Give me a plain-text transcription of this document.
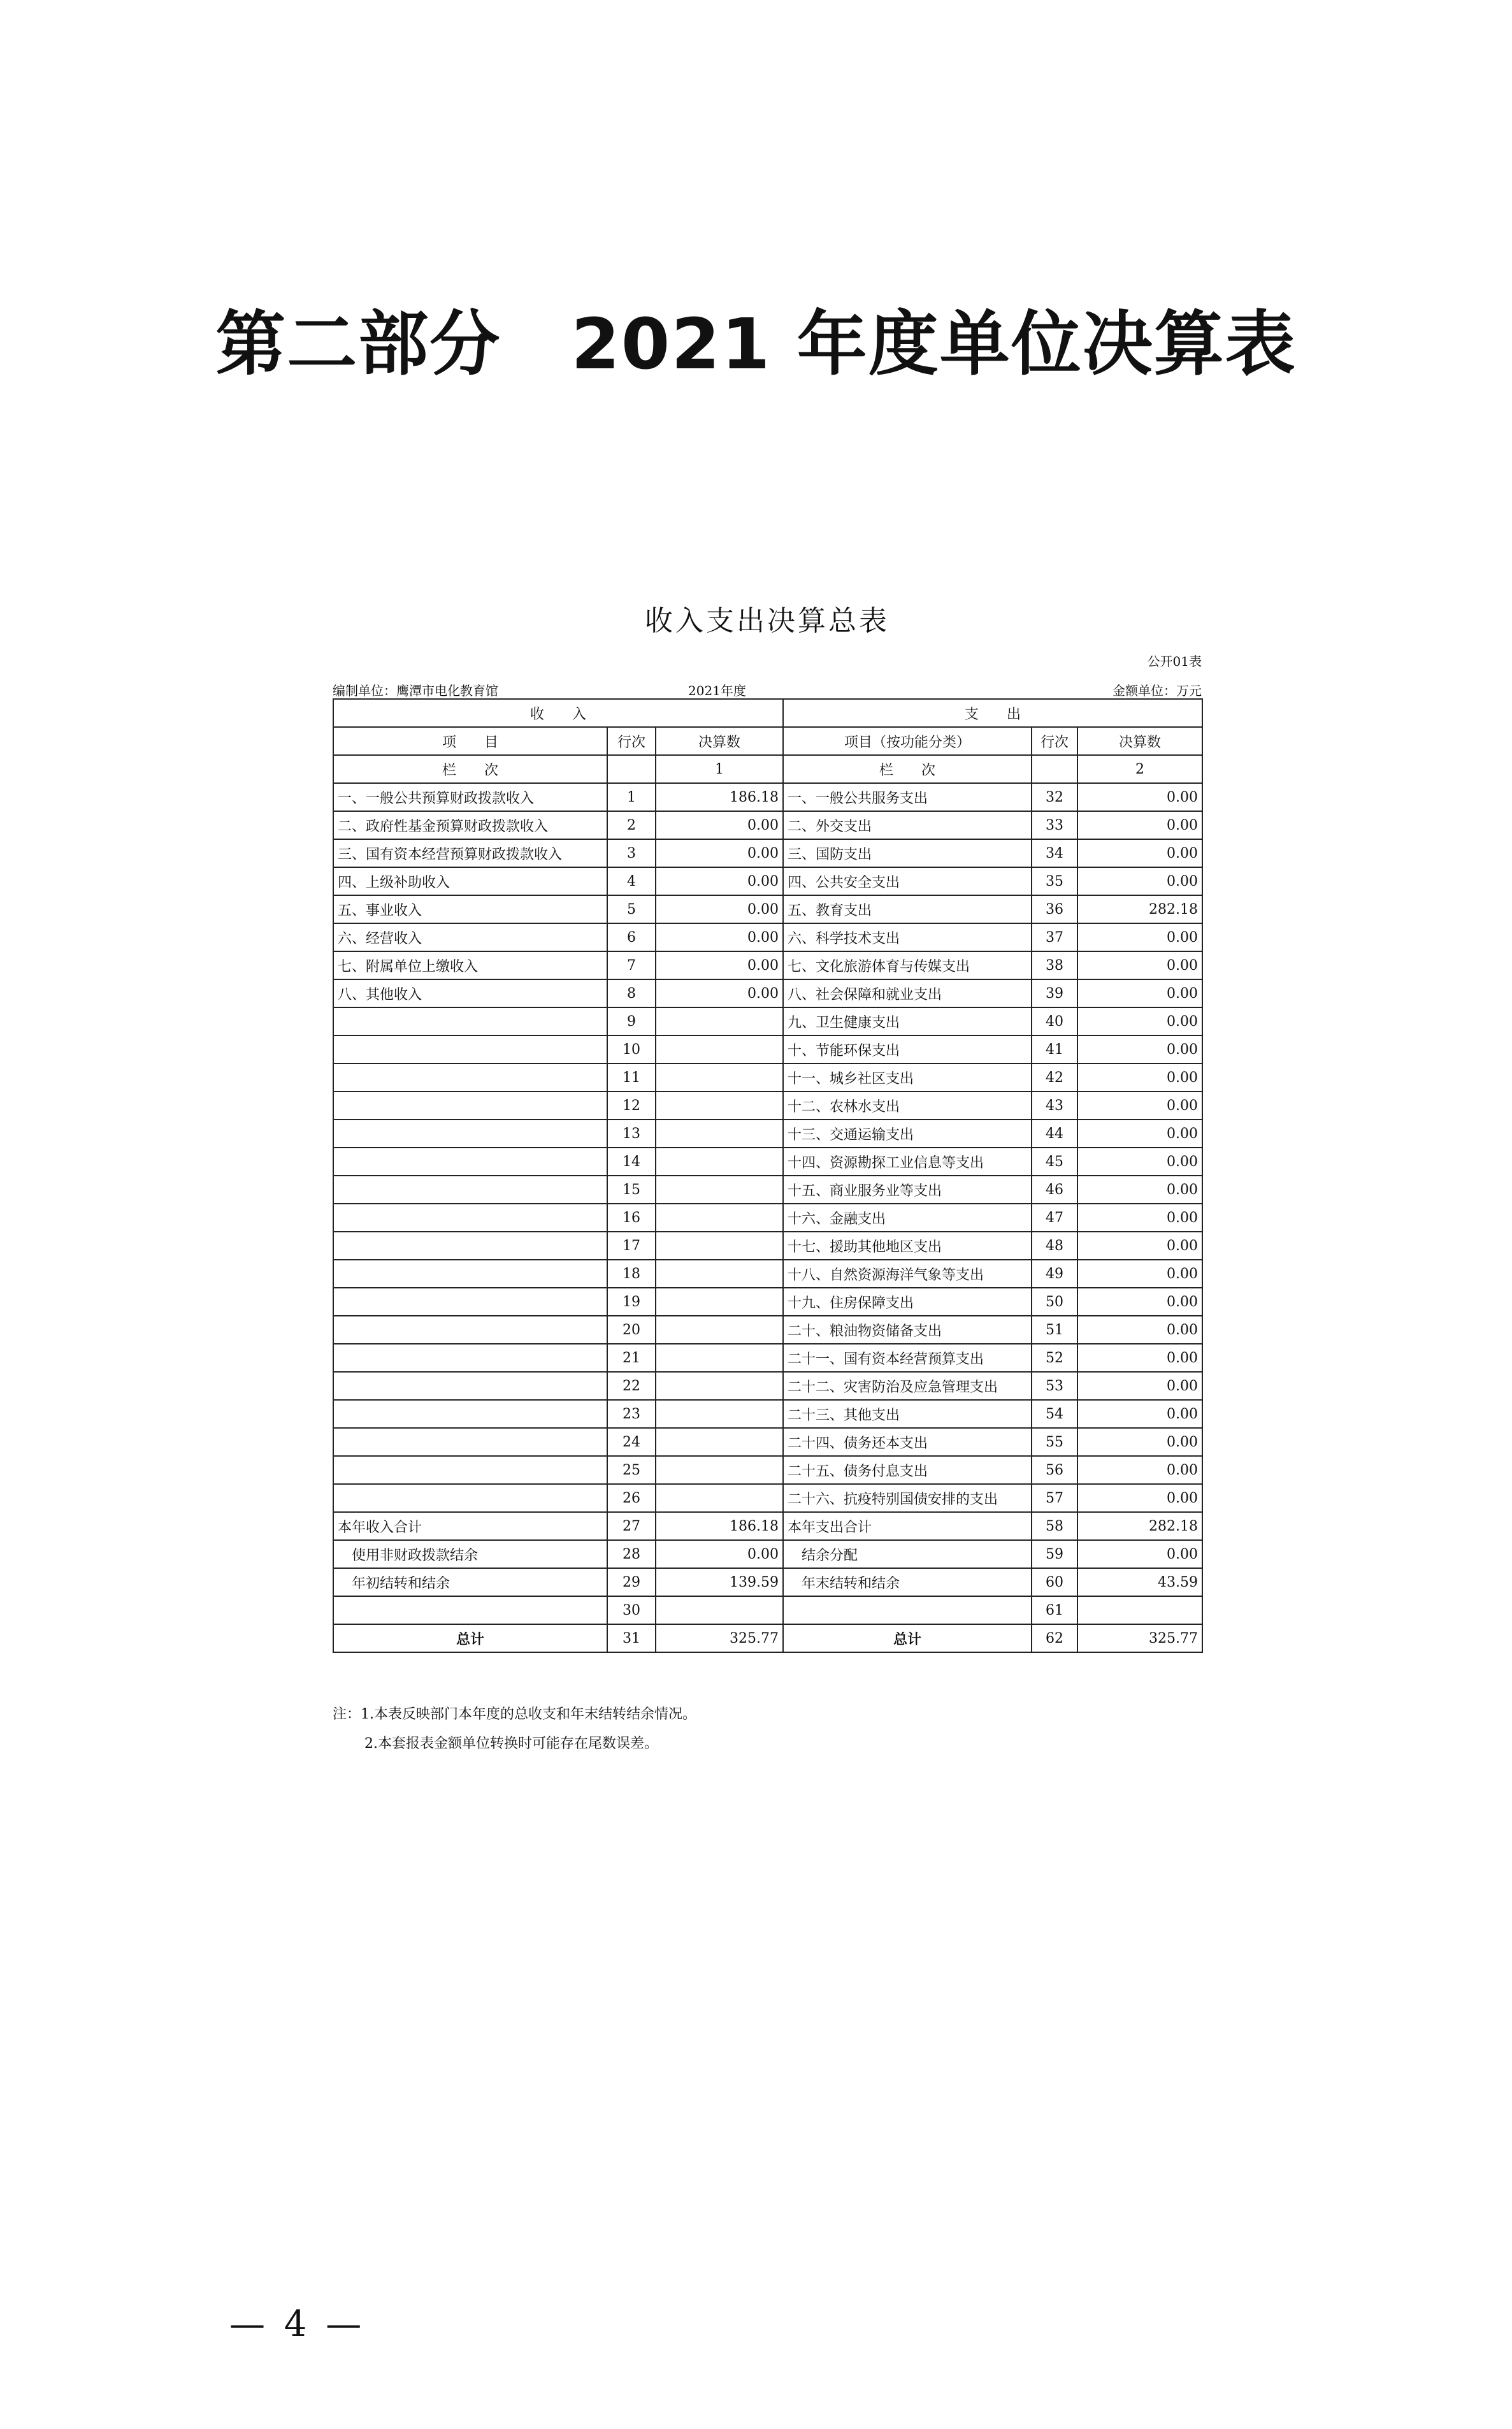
第二部分 2021 年度单位决算表
收入支出决算总表
公开01表
编制单位：鹰潭市电化教育馆	2021年度	金额单位：万元
收　　入			支　　出		
项　　目	行次	决算数	项目（按功能分类）	行次	决算数
栏　　次		1	栏　　次		2
一、一般公共预算财政拨款收入	1	186.18	一、一般公共服务支出	32	0.00
二、政府性基金预算财政拨款收入	2	0.00	二、外交支出	33	0.00
三、国有资本经营预算财政拨款收入	3	0.00	三、国防支出	34	0.00
四、上级补助收入	4	0.00	四、公共安全支出	35	0.00
五、事业收入	5	0.00	五、教育支出	36	282.18
六、经营收入	6	0.00	六、科学技术支出	37	0.00
七、附属单位上缴收入	7	0.00	七、文化旅游体育与传媒支出	38	0.00
八、其他收入	8	0.00	八、社会保障和就业支出	39	0.00
	9		九、卫生健康支出	40	0.00
	10		十、节能环保支出	41	0.00
	11		十一、城乡社区支出	42	0.00
	12		十二、农林水支出	43	0.00
	13		十三、交通运输支出	44	0.00
	14		十四、资源勘探工业信息等支出	45	0.00
	15		十五、商业服务业等支出	46	0.00
	16		十六、金融支出	47	0.00
	17		十七、援助其他地区支出	48	0.00
	18		十八、自然资源海洋气象等支出	49	0.00
	19		十九、住房保障支出	50	0.00
	20		二十、粮油物资储备支出	51	0.00
	21		二十一、国有资本经营预算支出	52	0.00
	22		二十二、灾害防治及应急管理支出	53	0.00
	23		二十三、其他支出	54	0.00
	24		二十四、债务还本支出	55	0.00
	25		二十五、债务付息支出	56	0.00
	26		二十六、抗疫特别国债安排的支出	57	0.00
本年收入合计	27	186.18	本年支出合计	58	282.18
使用非财政拨款结余	28	0.00	结余分配	59	0.00
年初结转和结余	29	139.59	年末结转和结余	60	43.59
	30			61	
总计	31	325.77	总计	62	325.77
注：1.本表反映部门本年度的总收支和年末结转结余情况。
2.本套报表金额单位转换时可能存在尾数误差。
— 4 —
